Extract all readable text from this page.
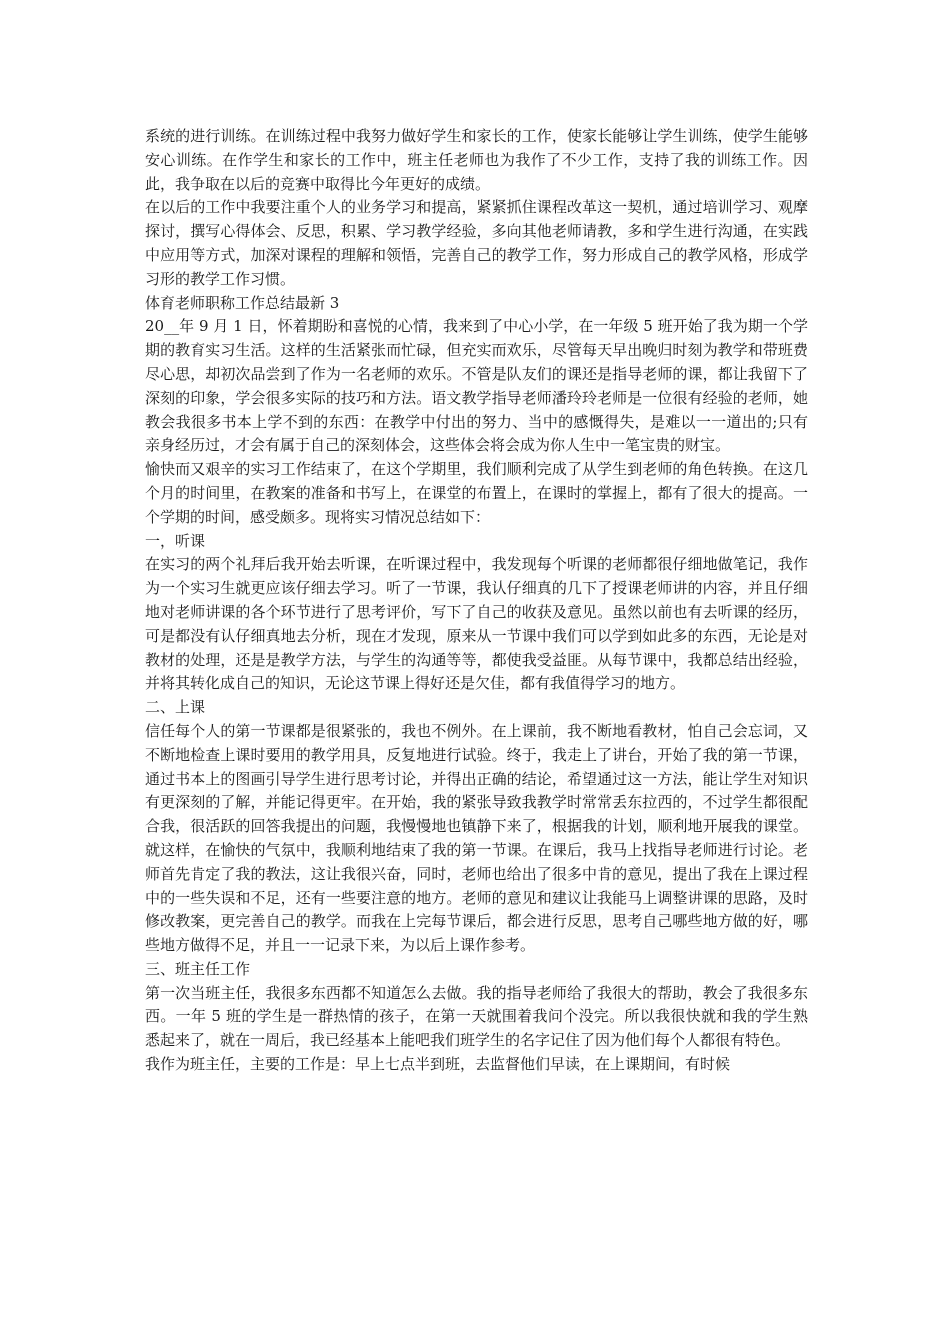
系统的进行训练。在训练过程中我努力做好学生和家长的工作，使家长能够让学生训练，使学生能够安心训练。在作学生和家长的工作中，班主任老师也为我作了不少工作，支持了我的训练工作。因此，我争取在以后的竞赛中取得比今年更好的成绩。

在以后的工作中我要注重个人的业务学习和提高，紧紧抓住课程改革这一契机，通过培训学习、观摩探讨，撰写心得体会、反思，积累、学习教学经验，多向其他老师请教，多和学生进行沟通，在实践中应用等方式，加深对课程的理解和领悟，完善自己的教学工作，努力形成自己的教学风格，形成学习形的教学工作习惯。

体育老师职称工作总结最新 3

20__年 9 月 1 日，怀着期盼和喜悦的心情，我来到了中心小学，在一年级 5 班开始了我为期一个学期的教育实习生活。这样的生活紧张而忙碌，但充实而欢乐，尽管每天早出晚归时刻为教学和带班费尽心思，却初次品尝到了作为一名老师的欢乐。不管是队友们的课还是指导老师的课，都让我留下了深刻的印象，学会很多实际的技巧和方法。语文教学指导老师潘玲玲老师是一位很有经验的老师，她教会我很多书本上学不到的东西：在教学中付出的努力、当中的感慨得失，是难以一一道出的;只有亲身经历过，才会有属于自己的深刻体会，这些体会将会成为你人生中一笔宝贵的财宝。

愉快而又艰辛的实习工作结束了，在这个学期里，我们顺利完成了从学生到老师的角色转换。在这几个月的时间里，在教案的准备和书写上，在课堂的布置上，在课时的掌握上，都有了很大的提高。一个学期的时间，感受颇多。现将实习情况总结如下：

一，听课

在实习的两个礼拜后我开始去听课，在听课过程中，我发现每个听课的老师都很仔细地做笔记，我作为一个实习生就更应该仔细去学习。听了一节课，我认仔细真的几下了授课老师讲的内容，并且仔细地对老师讲课的各个环节进行了思考评价，写下了自己的收获及意见。虽然以前也有去听课的经历，可是都没有认仔细真地去分析，现在才发现，原来从一节课中我们可以学到如此多的东西，无论是对教材的处理，还是是教学方法，与学生的沟通等等，都使我受益匪。从每节课中，我都总结出经验，并将其转化成自己的知识，无论这节课上得好还是欠佳，都有我值得学习的地方。

二、上课

信任每个人的第一节课都是很紧张的，我也不例外。在上课前，我不断地看教材，怕自己会忘词，又不断地检查上课时要用的教学用具，反复地进行试验。终于，我走上了讲台，开始了我的第一节课，通过书本上的图画引导学生进行思考讨论，并得出正确的结论，希望通过这一方法，能让学生对知识有更深刻的了解，并能记得更牢。在开始，我的紧张导致我教学时常常丢东拉西的，不过学生都很配合我，很活跃的回答我提出的问题，我慢慢地也镇静下来了，根据我的计划，顺利地开展我的课堂。就这样，在愉快的气氛中，我顺利地结束了我的第一节课。在课后，我马上找指导老师进行讨论。老师首先肯定了我的教法，这让我很兴奋，同时，老师也给出了很多中肯的意见，提出了我在上课过程中的一些失误和不足，还有一些要注意的地方。老师的意见和建议让我能马上调整讲课的思路，及时修改教案，更完善自己的教学。而我在上完每节课后，都会进行反思，思考自己哪些地方做的好，哪些地方做得不足，并且一一记录下来，为以后上课作参考。

三、班主任工作

第一次当班主任，我很多东西都不知道怎么去做。我的指导老师给了我很大的帮助，教会了我很多东西。一年 5 班的学生是一群热情的孩子，在第一天就围着我问个没完。所以我很快就和我的学生熟悉起来了，就在一周后，我已经基本上能吧我们班学生的名字记住了因为他们每个人都很有特色。

我作为班主任，主要的工作是：早上七点半到班，去监督他们早读，在上课期间，有时候
